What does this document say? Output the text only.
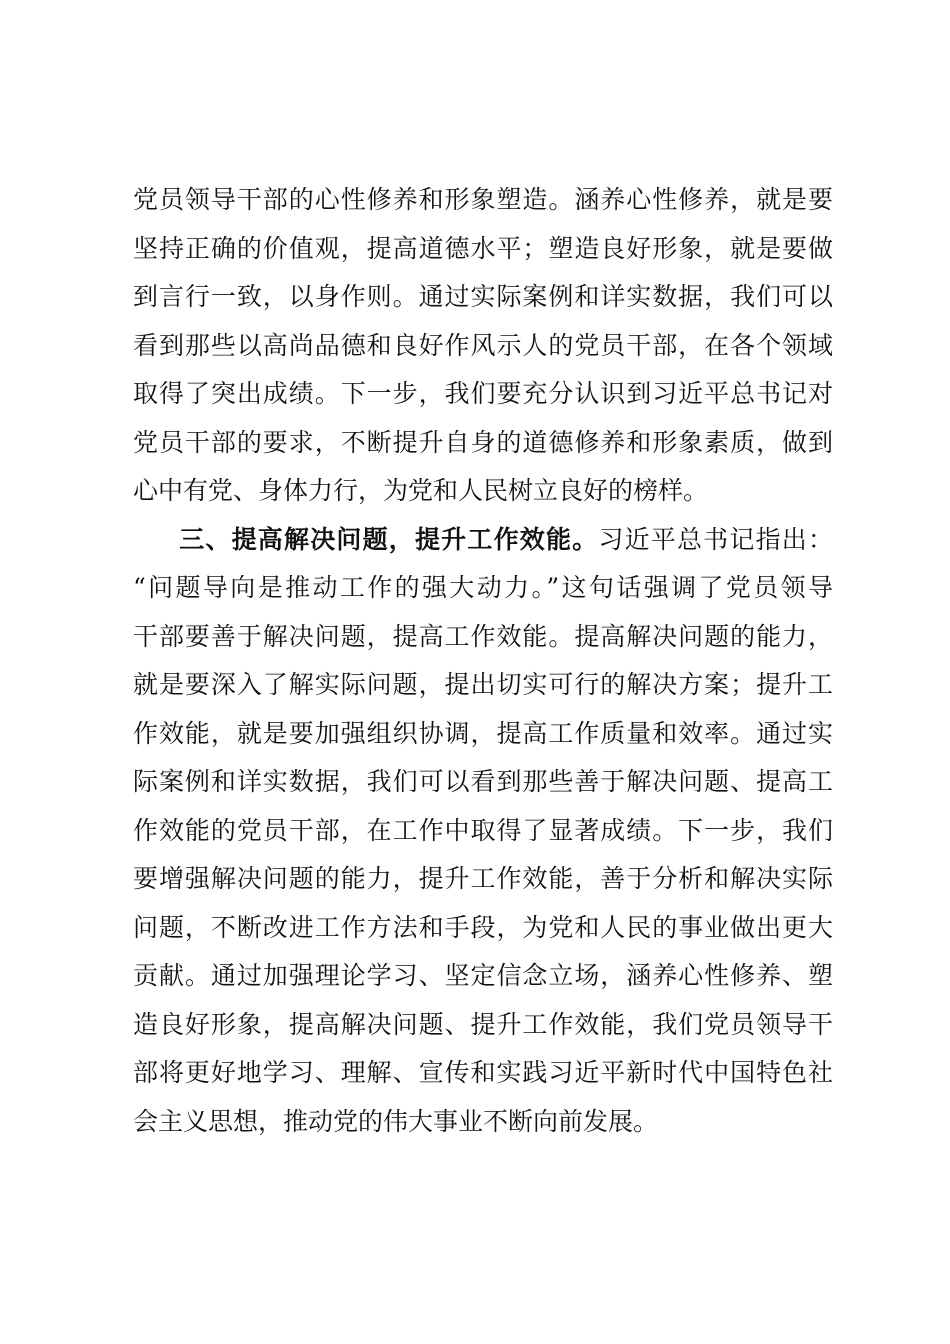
党员领导干部的心性修养和形象塑造。涵养心性修养，就是要
坚持正确的价值观，提高道德水平；塑造良好形象，就是要做
到言行一致，以身作则。通过实际案例和详实数据，我们可以
看到那些以高尚品德和良好作风示人的党员干部，在各个领域
取得了突出成绩。下一步，我们要充分认识到习近平总书记对
党员干部的要求，不断提升自身的道德修养和形象素质，做到
心中有党、身体力行，为党和人民树立良好的榜样。
三、提高解决问题，提升工作效能。习近平总书记指出：
“问题导向是推动工作的强大动力。”这句话强调了党员领导
干部要善于解决问题，提高工作效能。提高解决问题的能力，
就是要深入了解实际问题，提出切实可行的解决方案；提升工
作效能，就是要加强组织协调，提高工作质量和效率。通过实
际案例和详实数据，我们可以看到那些善于解决问题、提高工
作效能的党员干部，在工作中取得了显著成绩。下一步，我们
要增强解决问题的能力，提升工作效能，善于分析和解决实际
问题，不断改进工作方法和手段，为党和人民的事业做出更大
贡献。通过加强理论学习、坚定信念立场，涵养心性修养、塑
造良好形象，提高解决问题、提升工作效能，我们党员领导干
部将更好地学习、理解、宣传和实践习近平新时代中国特色社
会主义思想，推动党的伟大事业不断向前发展。
